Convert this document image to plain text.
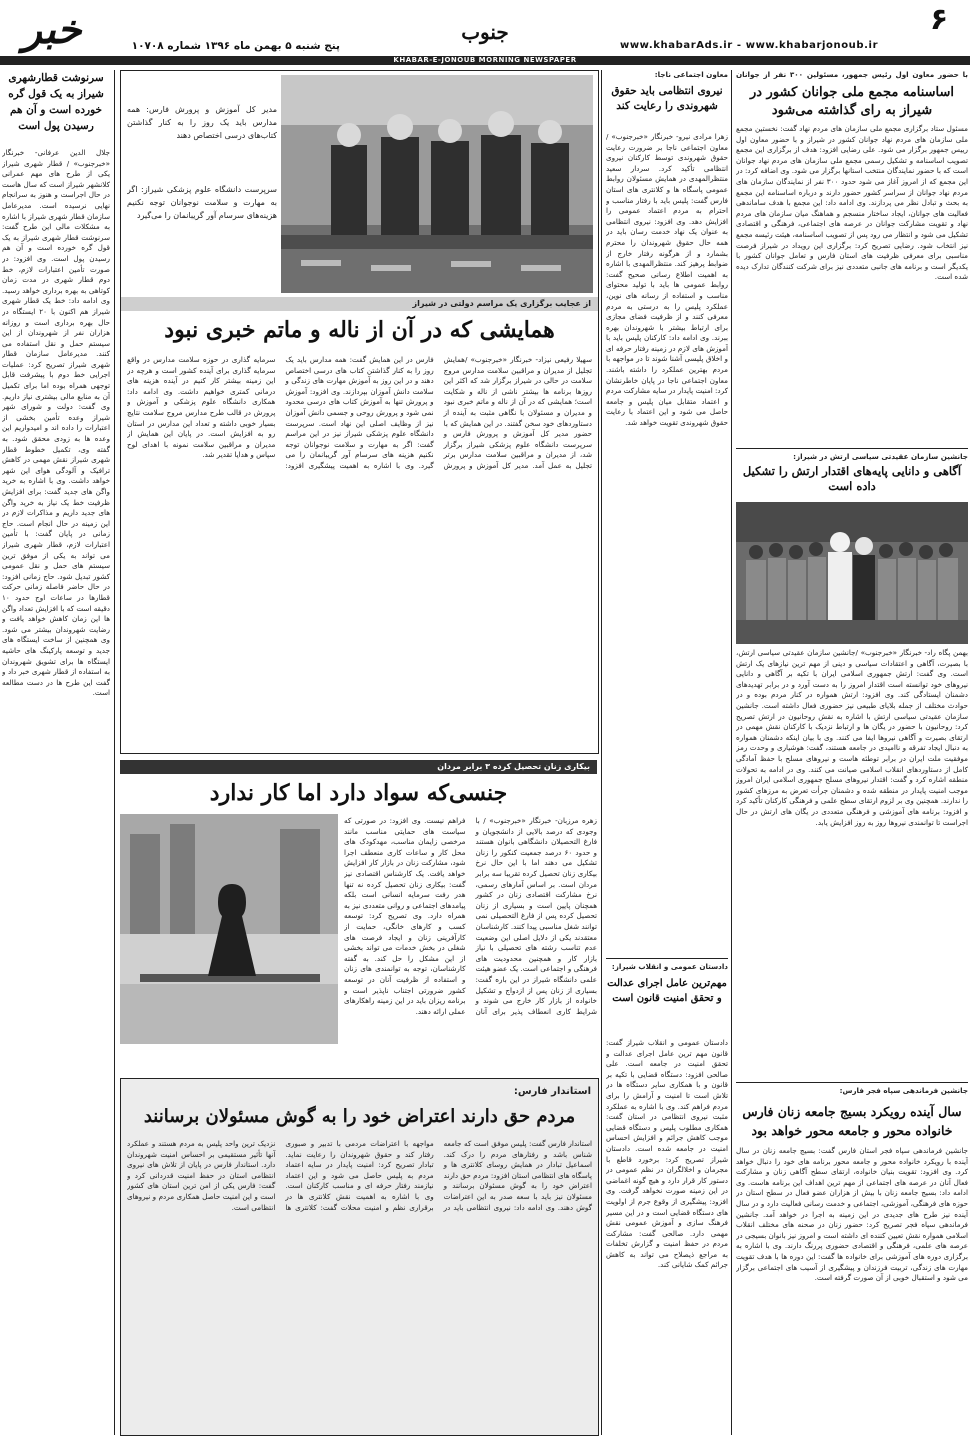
۶
www.khabarAds.ir - www.khabarjonoub.ir
جنوب
پنج شنبه ۵ بهمن ماه ۱۳۹۶ شماره ۱۰۷۰۸
خبر
KHABAR-E-JONOUB MORNING NEWSPAPER
با حضور معاون اول رئیس جمهور، مسئولین ۳۰۰ نفر از جوانان
اساسنامه مجمع ملی جوانان کشور در شیراز به رای گذاشته می‌شود
مسئول ستاد برگزاری مجمع ملی سازمان های مردم نهاد گفت: نخستین مجمع ملی سازمان های مردم نهاد جوانان کشور در شیراز و با حضور معاون اول رییس جمهور برگزار می شود. علی رضایی افزود: هدف از برگزاری این مجمع تصویب اساسنامه و تشکیل رسمی مجمع ملی سازمان های مردم نهاد جوانان است که با حضور نمایندگان منتخب استانها برگزار می شود. وی اضافه کرد: در این مجمع که از امروز آغاز می شود حدود ۳۰۰ نفر از نمایندگان سازمان های مردم نهاد جوانان از سراسر کشور حضور دارند و درباره اساسنامه این مجمع به بحث و تبادل نظر می پردازند. وی ادامه داد: این مجمع با هدف ساماندهی فعالیت های جوانان، ایجاد ساختار منسجم و هماهنگ میان سازمان های مردم نهاد و تقویت مشارکت جوانان در عرصه های اجتماعی، فرهنگی و اقتصادی تشکیل می شود و انتظار می رود پس از تصویب اساسنامه، هیئت رئیسه مجمع نیز انتخاب شود. رضایی تصریح کرد: برگزاری این رویداد در شیراز فرصت مناسبی برای معرفی ظرفیت های استان فارس و تعامل جوانان کشور با یکدیگر است و برنامه های جانبی متعددی نیز برای شرکت کنندگان تدارک دیده شده است.
جانشین سازمان عقیدتی سیاسی ارتش در شیراز:
آگاهی و دانایی پایه‌های اقتدار ارتش را تشکیل داده است
بهمن پگاه راد- خبرنگار «خبرجنوب» /جانشین سازمان عقیدتی سیاسی ارتش، با بصیرت، آگاهی و اعتقادات سیاسی و دینی از مهم ترین نیازهای یک ارتش است. وی گفت: ارتش جمهوری اسلامی ایران با تکیه بر آگاهی و دانایی نیروهای خود توانسته است اقتدار امروز را به دست آورد و در برابر تهدیدهای دشمنان ایستادگی کند. وی افزود: ارتش همواره در کنار مردم بوده و در حوادث مختلف از جمله بلایای طبیعی نیز حضوری فعال داشته است. جانشین سازمان عقیدتی سیاسی ارتش با اشاره به نقش روحانیون در ارتش تصریح کرد: روحانیون با حضور در یگان ها و ارتباط نزدیک با کارکنان نقش مهمی در ارتقای بصیرت و آگاهی نیروها ایفا می کنند. وی با بیان اینکه دشمنان همواره به دنبال ایجاد تفرقه و ناامیدی در جامعه هستند، گفت: هوشیاری و وحدت رمز موفقیت ملت ایران در برابر توطئه هاست و نیروهای مسلح با حفظ آمادگی کامل از دستاوردهای انقلاب اسلامی صیانت می کنند. وی در ادامه به تحولات منطقه اشاره کرد و گفت: اقتدار نیروهای مسلح جمهوری اسلامی ایران امروز موجب امنیت پایدار در منطقه شده و دشمنان جرأت تعرض به مرزهای کشور را ندارند. همچنین وی بر لزوم ارتقای سطح علمی و فرهنگی کارکنان تأکید کرد و افزود: برنامه های آموزشی و فرهنگی متعددی در یگان های ارتش در حال اجراست تا توانمندی نیروها روز به روز افزایش یابد.
جانشین فرماندهی سپاه فجر فارس:
سال آینده رویکرد بسیج جامعه زنان فارس خانواده محور و جامعه محور خواهد بود
جانشین فرماندهی سپاه فجر استان فارس گفت: بسیج جامعه زنان در سال آینده با رویکرد خانواده محور و جامعه محور برنامه های خود را دنبال خواهد کرد. وی افزود: تقویت بنیان خانواده، ارتقای سطح آگاهی زنان و مشارکت فعال آنان در عرصه های اجتماعی از مهم ترین اهداف این برنامه هاست. وی ادامه داد: بسیج جامعه زنان با بیش از هزاران عضو فعال در سطح استان در حوزه های فرهنگی، آموزشی، اجتماعی و خدمت رسانی فعالیت دارد و در سال آینده نیز طرح های جدیدی در این زمینه به اجرا در خواهد آمد. جانشین فرماندهی سپاه فجر تصریح کرد: حضور زنان در صحنه های مختلف انقلاب اسلامی همواره نقش تعیین کننده ای داشته است و امروز نیز بانوان بسیجی در عرصه های علمی، فرهنگی و اقتصادی حضوری پررنگ دارند. وی با اشاره به برگزاری دوره های آموزشی برای خانواده ها گفت: این دوره ها با هدف تقویت مهارت های زندگی، تربیت فرزندان و پیشگیری از آسیب های اجتماعی برگزار می شود و استقبال خوبی از آن صورت گرفته است.
معاون اجتماعی ناجا:
نیروی انتظامی باید حقوق شهروندی را رعایت کند
زهرا مرادی نیرو- خبرنگار «خبرجنوب» /معاون اجتماعی ناجا بر ضرورت رعایت حقوق شهروندی توسط کارکنان نیروی انتظامی تأکید کرد. سردار سعید منتظرالمهدی در همایش مسئولان روابط عمومی پاسگاه ها و کلانتری های استان فارس گفت: پلیس باید با رفتار مناسب و احترام به مردم اعتماد عمومی را افزایش دهد. وی افزود: نیروی انتظامی به عنوان یک نهاد خدمت رسان باید در همه حال حقوق شهروندان را محترم بشمارد و از هرگونه رفتار خارج از ضوابط پرهیز کند. منتظرالمهدی با اشاره به اهمیت اطلاع رسانی صحیح گفت: روابط عمومی ها باید با تولید محتوای مناسب و استفاده از رسانه های نوین، عملکرد پلیس را به درستی به مردم معرفی کنند و از ظرفیت فضای مجازی برای ارتباط بیشتر با شهروندان بهره ببرند. وی ادامه داد: کارکنان پلیس باید با آموزش های لازم در زمینه رفتار حرفه ای و اخلاق پلیسی آشنا شوند تا در مواجهه با مردم بهترین عملکرد را داشته باشند. معاون اجتماعی ناجا در پایان خاطرنشان کرد: امنیت پایدار در سایه مشارکت مردم و اعتماد متقابل میان پلیس و جامعه حاصل می شود و این اعتماد با رعایت حقوق شهروندی تقویت خواهد شد.
دادستان عمومی و انقلاب شیراز:
مهم‌ترین عامل اجرای عدالت و تحقق امنیت قانون است
دادستان عمومی و انقلاب شیراز گفت: قانون مهم ترین عامل اجرای عدالت و تحقق امنیت در جامعه است. علی صالحی افزود: دستگاه قضایی با تکیه بر قانون و با همکاری سایر دستگاه ها در تلاش است تا امنیت و آرامش را برای مردم فراهم کند. وی با اشاره به عملکرد مثبت نیروی انتظامی در استان گفت: همکاری مطلوب پلیس و دستگاه قضایی موجب کاهش جرائم و افزایش احساس امنیت در جامعه شده است. دادستان شیراز تصریح کرد: برخورد قاطع با مجرمان و اخلالگران در نظم عمومی در دستور کار قرار دارد و هیچ گونه اغماضی در این زمینه صورت نخواهد گرفت. وی افزود: پیشگیری از وقوع جرم از اولویت های دستگاه قضایی است و در این مسیر فرهنگ سازی و آموزش عمومی نقش مهمی دارد. صالحی گفت: مشارکت مردم در حفظ امنیت و گزارش تخلفات به مراجع ذیصلاح می تواند به کاهش جرائم کمک شایانی کند.
مدیر کل آموزش و پرورش فارس: همه مدارس باید یک روز را به کنار گذاشتن کتاب‌های درسی اختصاص دهند
سرپرست دانشگاه علوم پزشکی شیراز: اگر به مهارت و سلامت نوجوانان توجه نکنیم هزینه‌های سرسام آور گریبانمان را می‌گیرد
از عجایب برگزاری یک مراسم دولتی در شیراز
همایشی که در آن از ناله و ماتم خبری نبود
سهیلا رفیعی نیزاد- خبرنگار «خبرجنوب» /همایش تجلیل از مدیران و مراقبین سلامت مدارس مروج سلامت در حالی در شیراز برگزار شد که اکثر این روزها برنامه ها بیشتر ناشی از ناله و شکایت است؛ همایشی که در آن از ناله و ماتم خبری نبود و مدیران و مسئولان با نگاهی مثبت به آینده از دستاوردهای خود سخن گفتند. در این همایش که با حضور مدیر کل آموزش و پرورش فارس و سرپرست دانشگاه علوم پزشکی شیراز برگزار شد، از مدیران و مراقبین سلامت مدارس برتر تجلیل به عمل آمد. مدیر کل آموزش و پرورش فارس در این همایش گفت: همه مدارس باید یک روز را به کنار گذاشتن کتاب های درسی اختصاص دهند و در این روز به آموزش مهارت های زندگی و سلامت دانش آموزان بپردازند. وی افزود: آموزش و پرورش تنها به آموزش کتاب های درسی محدود نمی شود و پرورش روحی و جسمی دانش آموزان نیز از وظایف اصلی این نهاد است. سرپرست دانشگاه علوم پزشکی شیراز نیز در این مراسم گفت: اگر به مهارت و سلامت نوجوانان توجه نکنیم هزینه های سرسام آور گریبانمان را می گیرد. وی با اشاره به اهمیت پیشگیری افزود: سرمایه گذاری در حوزه سلامت مدارس در واقع سرمایه گذاری برای آینده کشور است و هرچه در این زمینه بیشتر کار کنیم در آینده هزینه های درمانی کمتری خواهیم داشت. وی ادامه داد: همکاری دانشگاه علوم پزشکی و آموزش و پرورش در قالب طرح مدارس مروج سلامت نتایج بسیار خوبی داشته و تعداد این مدارس در استان رو به افزایش است. در پایان این همایش از مدیران و مراقبین سلامت نمونه با اهدای لوح سپاس و هدایا تقدیر شد.
بیکاری زنان تحصیل کرده ۳ برابر مردان
جنسی‌که سواد دارد اما کار ندارد
زهره مرزبان- خبرنگار «خبرجنوب» / با وجودی که درصد بالایی از دانشجویان و فارغ التحصیلان دانشگاهی بانوان هستند و حدود ۶۰ درصد جمعیت کنکور را زنان تشکیل می دهند اما با این حال نرخ بیکاری زنان تحصیل کرده تقریبا سه برابر مردان است. بر اساس آمارهای رسمی، نرخ مشارکت اقتصادی زنان در کشور همچنان پایین است و بسیاری از زنان تحصیل کرده پس از فارغ التحصیلی نمی توانند شغل مناسبی پیدا کنند. کارشناسان معتقدند یکی از دلایل اصلی این وضعیت عدم تناسب رشته های تحصیلی با نیاز بازار کار و همچنین محدودیت های فرهنگی و اجتماعی است. یک عضو هیئت علمی دانشگاه شیراز در این باره گفت: بسیاری از زنان پس از ازدواج و تشکیل خانواده از بازار کار خارج می شوند و شرایط کاری انعطاف پذیر برای آنان فراهم نیست. وی افزود: در صورتی که سیاست های حمایتی مناسب مانند مرخصی زایمان مناسب، مهدکودک های محل کار و ساعات کاری منعطف اجرا شود، مشارکت زنان در بازار کار افزایش خواهد یافت. یک کارشناس اقتصادی نیز گفت: بیکاری زنان تحصیل کرده نه تنها هدر رفت سرمایه انسانی است بلکه پیامدهای اجتماعی و روانی متعددی نیز به همراه دارد. وی تصریح کرد: توسعه کسب و کارهای خانگی، حمایت از کارآفرینی زنان و ایجاد فرصت های شغلی در بخش خدمات می تواند بخشی از این مشکل را حل کند. به گفته کارشناسان، توجه به توانمندی های زنان و استفاده از ظرفیت آنان در توسعه کشور ضرورتی اجتناب ناپذیر است و برنامه ریزان باید در این زمینه راهکارهای عملی ارائه دهند.
استاندار فارس:
مردم حق دارند اعتراض خود را به گوش مسئولان برسانند
استاندار فارس گفت: پلیس موفق است که جامعه شناس باشد و رفتارهای مردم را درک کند. اسماعیل تبادار در همایش روسای کلانتری ها و پاسگاه های انتظامی استان افزود: مردم حق دارند اعتراض خود را به گوش مسئولان برسانند و مسئولان نیز باید با سعه صدر به این اعتراضات گوش دهند. وی ادامه داد: نیروی انتظامی باید در مواجهه با اعتراضات مردمی با تدبیر و صبوری رفتار کند و حقوق شهروندان را رعایت نماید. تبادار تصریح کرد: امنیت پایدار در سایه اعتماد مردم به پلیس حاصل می شود و این اعتماد نیازمند رفتار حرفه ای و مناسب کارکنان است. وی با اشاره به اهمیت نقش کلانتری ها در برقراری نظم و امنیت محلات گفت: کلانتری ها نزدیک ترین واحد پلیس به مردم هستند و عملکرد آنها تأثیر مستقیمی بر احساس امنیت شهروندان دارد. استاندار فارس در پایان از تلاش های نیروی انتظامی استان در حفظ امنیت قدردانی کرد و گفت: فارس یکی از امن ترین استان های کشور است و این امنیت حاصل همکاری مردم و نیروهای انتظامی است.
سرنوشت قطارشهری شیراز به یک قول گره خورده است و آن هم رسیدن پول است
جلال الدین عرفانی- خبرنگار «خبرجنوب» / قطار شهری شیراز یکی از طرح های مهم عمرانی کلانشهر شیراز است که سال هاست در حال اجراست و هنوز به سرانجام نهایی نرسیده است. مدیرعامل سازمان قطار شهری شیراز با اشاره به مشکلات مالی این طرح گفت: سرنوشت قطار شهری شیراز به یک قول گره خورده است و آن هم رسیدن پول است. وی افزود: در صورت تأمین اعتبارات لازم، خط دوم قطار شهری در مدت زمان کوتاهی به بهره برداری خواهد رسید. وی ادامه داد: خط یک قطار شهری شیراز هم اکنون با ۲۰ ایستگاه در حال بهره برداری است و روزانه هزاران نفر از شهروندان از این سیستم حمل و نقل استفاده می کنند. مدیرعامل سازمان قطار شهری شیراز تصریح کرد: عملیات اجرایی خط دوم با پیشرفت قابل توجهی همراه بوده اما برای تکمیل آن به منابع مالی بیشتری نیاز داریم. وی گفت: دولت و شورای شهر شیراز وعده تأمین بخشی از اعتبارات را داده اند و امیدواریم این وعده ها به زودی محقق شود. به گفته وی، تکمیل خطوط قطار شهری شیراز نقش مهمی در کاهش ترافیک و آلودگی هوای این شهر خواهد داشت. وی با اشاره به خرید واگن های جدید گفت: برای افزایش ظرفیت خط یک نیاز به خرید واگن های جدید داریم و مذاکرات لازم در این زمینه در حال انجام است. حاج زمانی در پایان گفت: با تأمین اعتبارات لازم، قطار شهری شیراز می تواند به یکی از موفق ترین سیستم های حمل و نقل عمومی کشور تبدیل شود. حاج زمانی افزود: در حال حاضر فاصله زمانی حرکت قطارها در ساعات اوج حدود ۱۰ دقیقه است که با افزایش تعداد واگن ها این زمان کاهش خواهد یافت و رضایت شهروندان بیشتر می شود. وی همچنین از ساخت ایستگاه های جدید و توسعه پارکینگ های حاشیه ایستگاه ها برای تشویق شهروندان به استفاده از قطار شهری خبر داد و گفت این طرح ها در دست مطالعه است.
